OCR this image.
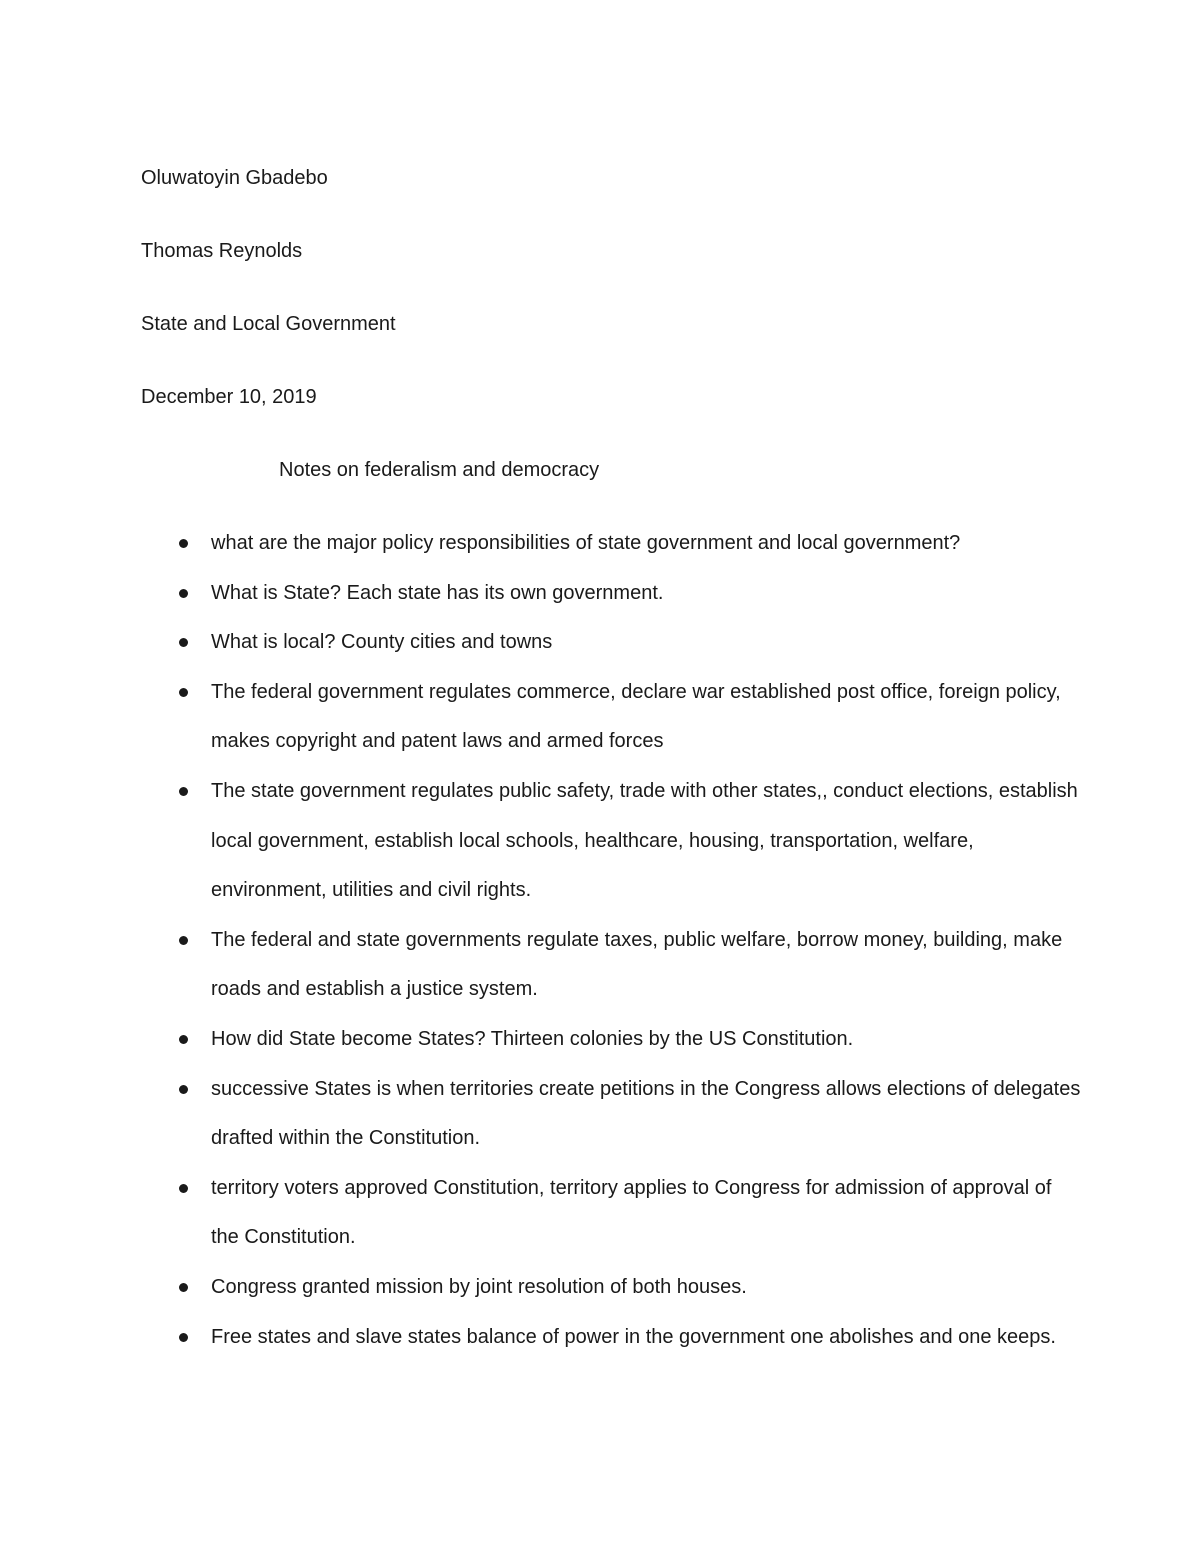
Oluwatoyin Gbadebo
Thomas Reynolds
State and Local Government
December 10, 2019
Notes on federalism and democracy
what are the major policy responsibilities of state government and local government?
What is State? Each state has its own government.
What is local? County cities and towns
The federal government regulates commerce, declare war established post office, foreign policy, makes copyright and patent laws and armed forces
The state government regulates public safety, trade with other states,, conduct elections, establish local government, establish local schools, healthcare, housing, transportation, welfare, environment, utilities and civil rights.
The federal and state governments regulate taxes, public welfare, borrow money, building, make roads and establish a justice system.
How did State become States? Thirteen colonies by the US Constitution.
successive States is when territories create petitions in the Congress allows elections of delegates drafted within the Constitution.
territory voters approved Constitution, territory applies to Congress for admission of approval of the Constitution.
Congress granted mission by joint resolution of both houses.
Free states and slave states balance of power in the government one abolishes and one keeps.
